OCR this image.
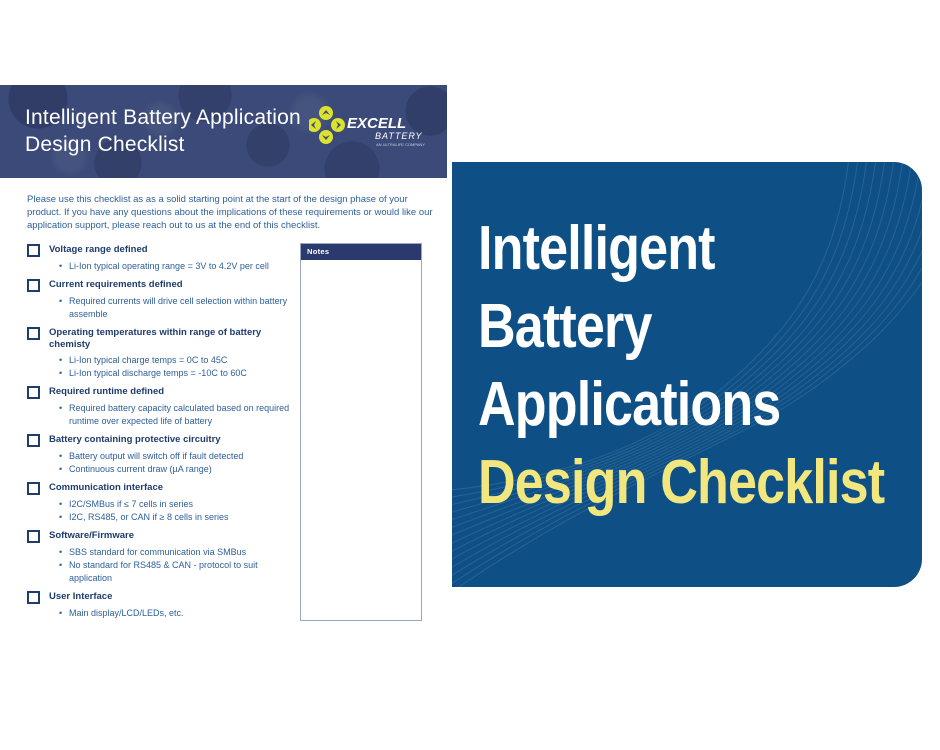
Intelligent Battery Application
Design Checklist
EXCELL
BATTERY
AN ULTRALIFE COMPANY
Please use this checklist as as a solid starting point at the start of the design phase of your product. If you have any questions about the implications of these requirements or would like our application support, please reach out to us at the end of this checklist.
Voltage range defined
• Li-Ion typical operating range = 3V to 4.2V per cell
Current requirements defined
• Required currents will drive cell selection within battery assemble
Operating temperatures within range of battery chemisty
• Li-Ion typical charge temps = 0C to 45C
• Li-Ion typical discharge temps = -10C to 60C
Required runtime defined
• Required battery capacity calculated based on required runtime over expected life of battery
Battery containing protective circuitry
• Battery output will switch off if fault detected
• Continuous current draw (µA range)
Communication interface
• I2C/SMBus if ≤ 7 cells in series
• I2C, RS485, or CAN if ≥ 8 cells in series
Software/Firmware
• SBS standard for communication via SMBus
• No standard for RS485 & CAN - protocol to suit application
User Interface
• Main display/LCD/LEDs, etc.
Notes	Intelligent
Battery
Applications
Design Checklist
